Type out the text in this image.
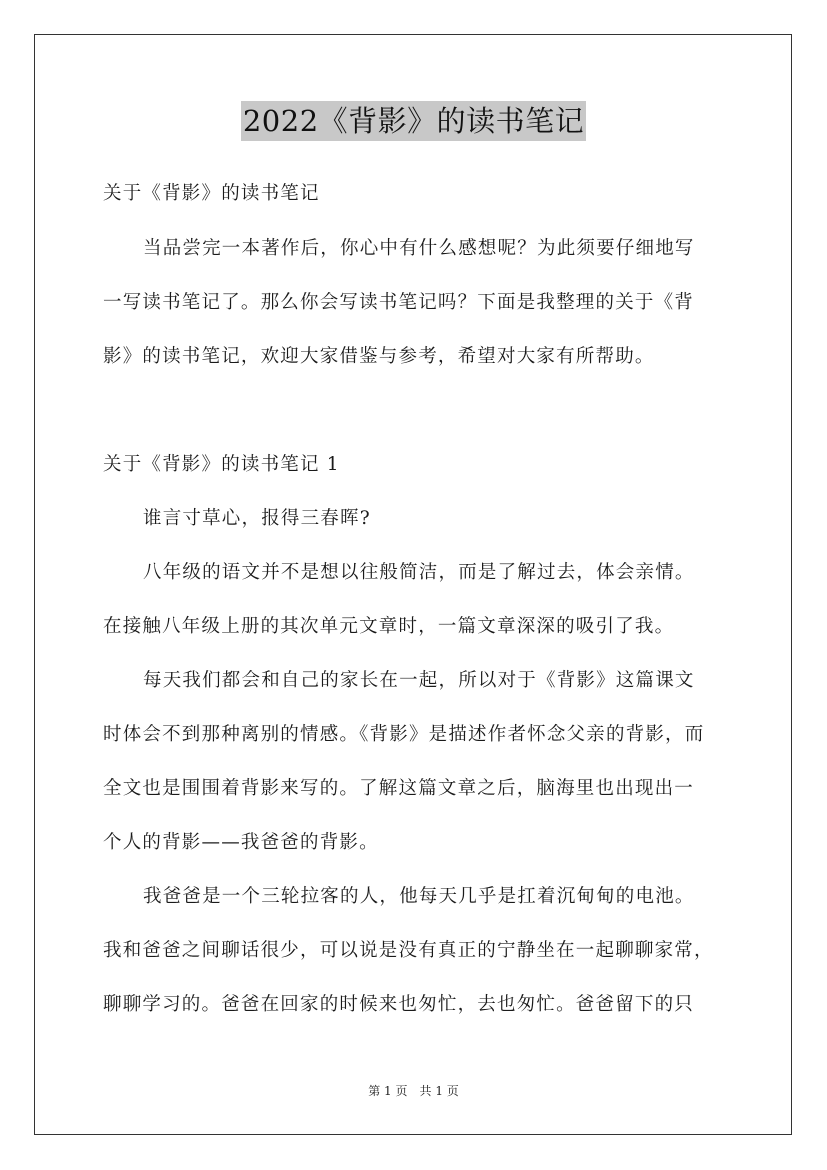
2022《背影》的读书笔记
关于《背影》的读书笔记
当品尝完一本著作后，你心中有什么感想呢？为此须要仔细地写
一写读书笔记了。那么你会写读书笔记吗？下面是我整理的关于《背
影》的读书笔记，欢迎大家借鉴与参考，希望对大家有所帮助。
关于《背影》的读书笔记 1
谁言寸草心，报得三春晖?
八年级的语文并不是想以往般简洁，而是了解过去，体会亲情。
在接触八年级上册的其次单元文章时，一篇文章深深的吸引了我。
每天我们都会和自己的家长在一起，所以对于《背影》这篇课文
时体会不到那种离别的情感。《背影》是描述作者怀念父亲的背影，而
全文也是围围着背影来写的。了解这篇文章之后，脑海里也出现出一
个人的背影——我爸爸的背影。
我爸爸是一个三轮拉客的人，他每天几乎是扛着沉甸甸的电池。
我和爸爸之间聊话很少，可以说是没有真正的宁静坐在一起聊聊家常，
聊聊学习的。爸爸在回家的时候来也匆忙，去也匆忙。爸爸留下的只
第 1 页　共 1 页
